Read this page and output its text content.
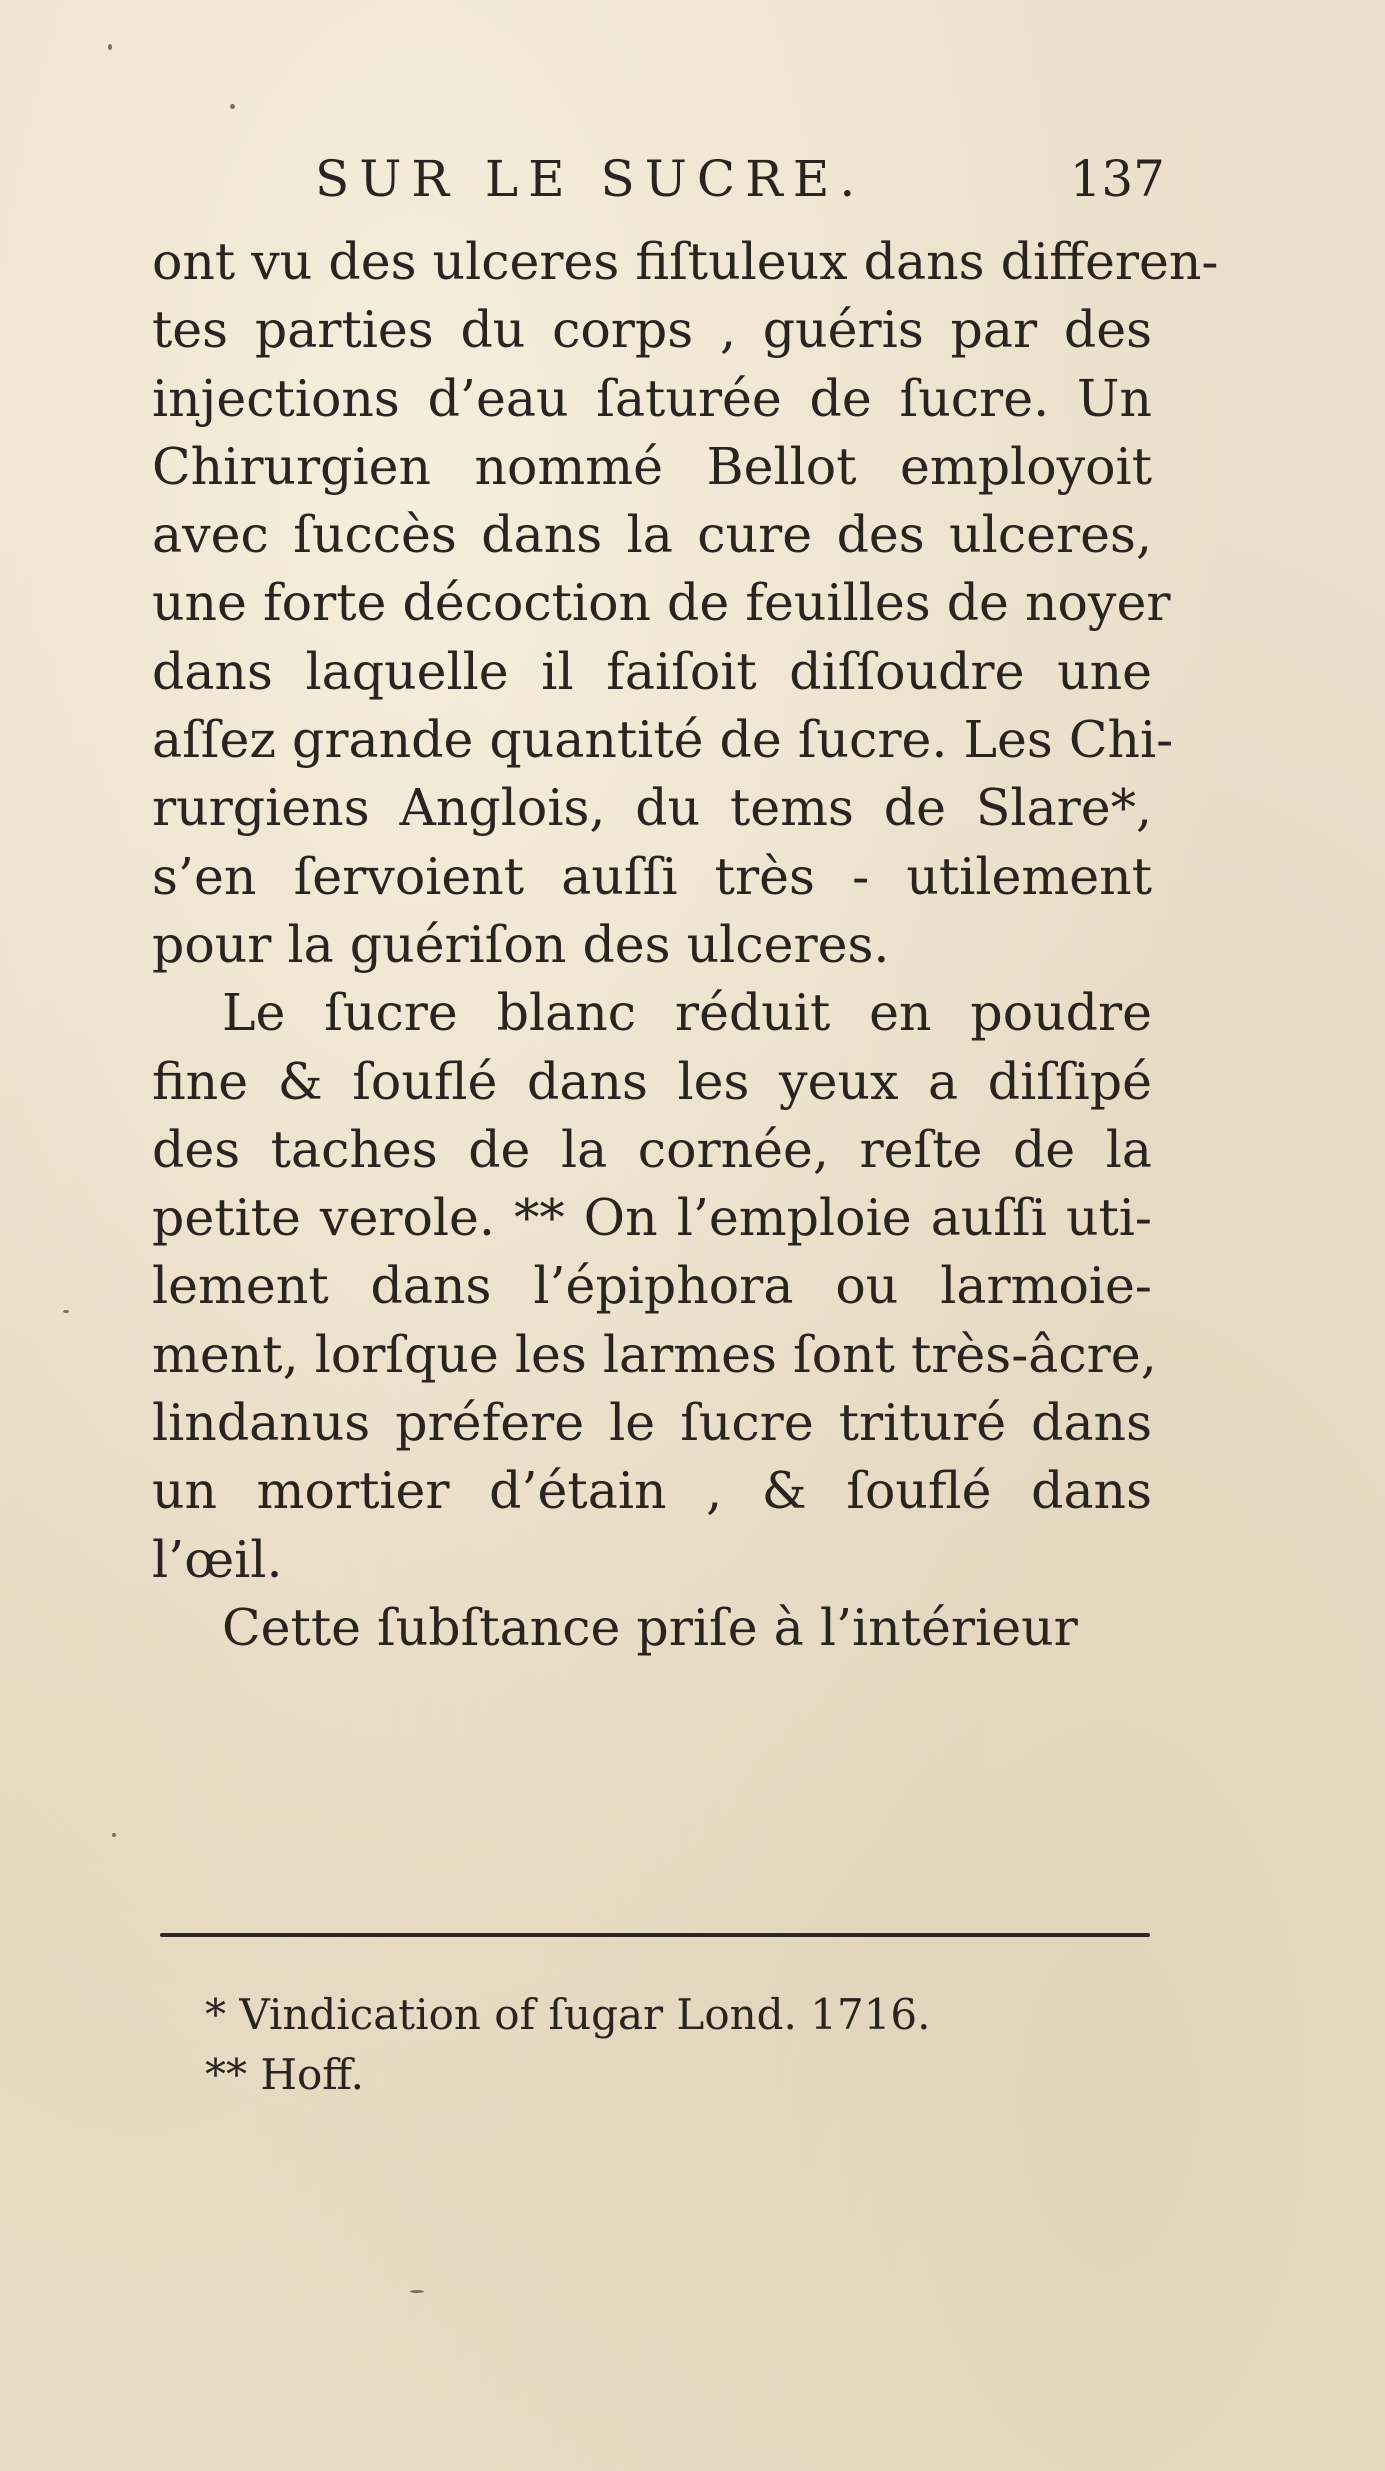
SUR LE SUCRE.	137
ont vu des ulceres fiſtuleux dans differen-
tes parties du corps , guéris par des
injections d’eau ſaturée de ſucre. Un
Chirurgien nommé Bellot employoit
avec ſuccès dans la cure des ulceres,
une forte décoction de feuilles de noyer
dans laquelle il faiſoit diſſoudre une
aſſez grande quantité de ſucre. Les Chi-
rurgiens Anglois, du tems de Slare*,
s’en ſervoient auſſi très - utilement
pour la guériſon des ulceres.
Le ſucre blanc réduit en poudre
fine & ſouflé dans les yeux a diſſipé
des taches de la cornée, reſte de la
petite verole. ** On l’emploie auſſi uti-
lement dans l’épiphora ou larmoie-
ment, lorſque les larmes ſont très-âcre,
lindanus préfere le ſucre trituré dans
un mortier d’étain , & ſouflé dans
l’œil.
Cette ſubſtance priſe à l’intérieur
* Vindication of ſugar Lond. 1716.
** Hoff.
